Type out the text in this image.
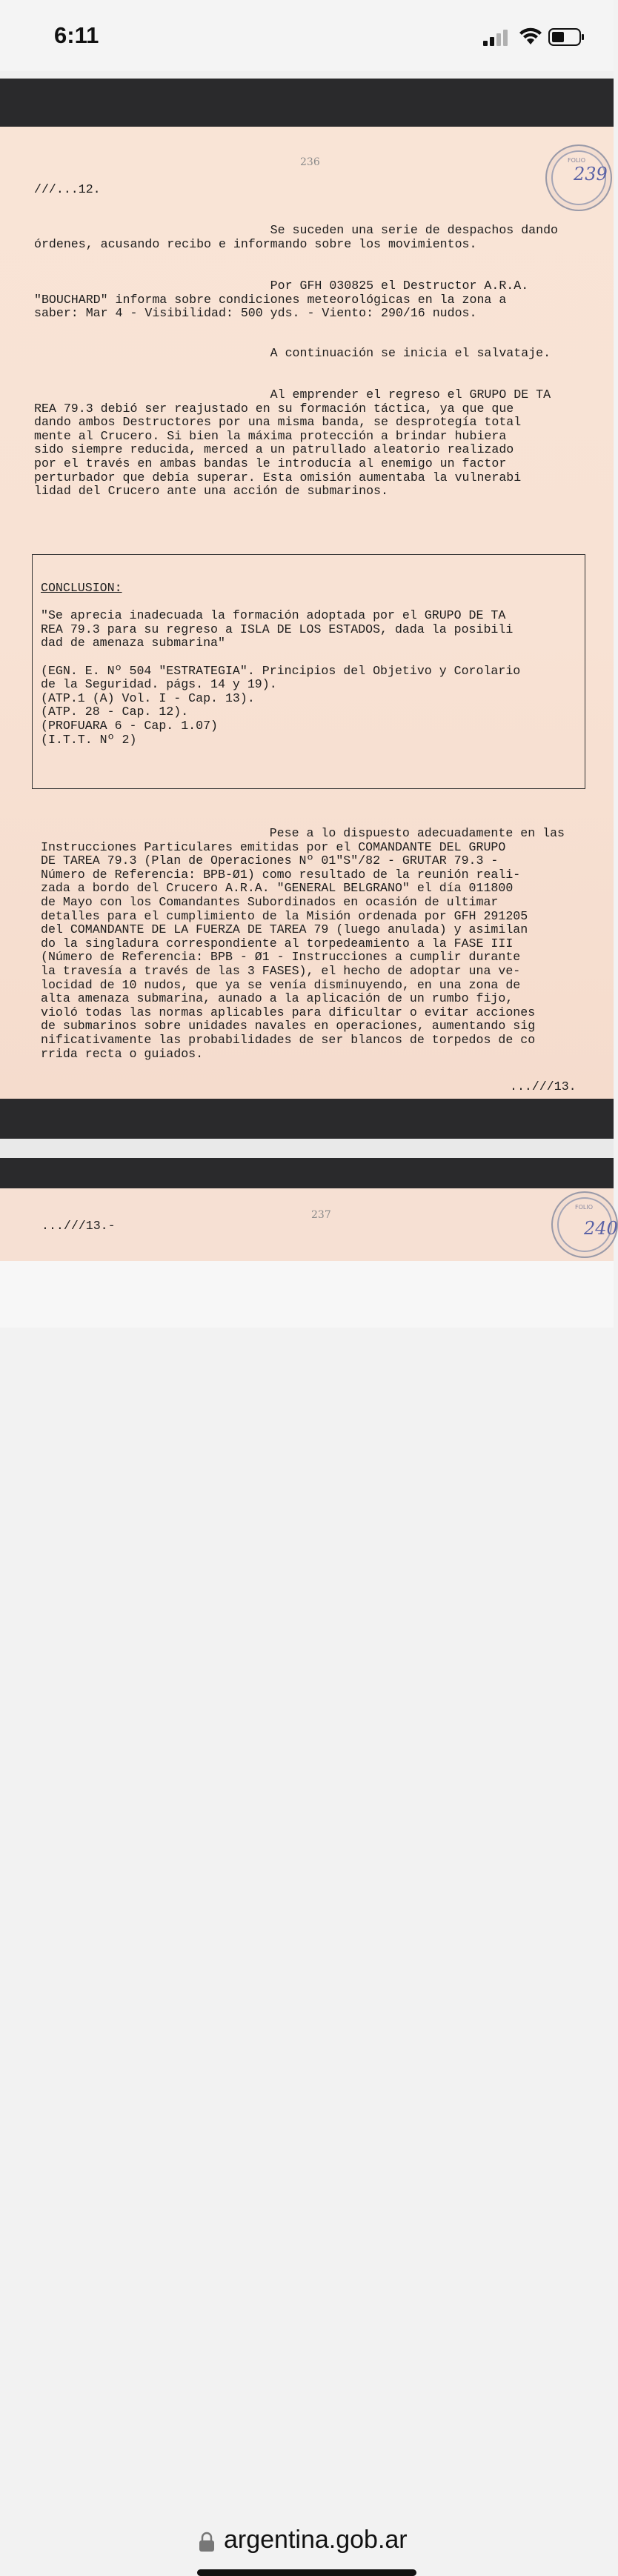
6:11
236	FOLIO
239
///...12.
Se suceden una serie de despachos dando
órdenes, acusando recibo e informando sobre los movimientos.
Por GFH 030825 el Destructor A.R.A.
"BOUCHARD" informa sobre condiciones meteorológicas en la zona a
saber: Mar 4 - Visibilidad: 500 yds. - Viento: 290/16 nudos.
A continuación se inicia el salvataje.
Al emprender el regreso el GRUPO DE TA
REA 79.3 debió ser reajustado en su formación táctica, ya que que
dando ambos Destructores por una misma banda, se desprotegía total
mente al Crucero. Si bien la máxima protección a brindar hubiera
sido siempre reducida, merced a un patrullado aleatorio realizado
por el través en ambas bandas le introducía al enemigo un factor
perturbador que debía superar. Esta omisión aumentaba la vulnerabi
lidad del Crucero ante una acción de submarinos.
CONCLUSION:

"Se aprecia inadecuada la formación adoptada por el GRUPO DE TA
REA 79.3 para su regreso a ISLA DE LOS ESTADOS, dada la posibili
dad de amenaza submarina"

(EGN. E. Nº 504 "ESTRATEGIA". Principios del Objetivo y Corolario
de la Seguridad. págs. 14 y 19).
(ATP.1 (A) Vol. I - Cap. 13).
(ATP. 28 - Cap. 12).
(PROFUARA 6 - Cap. 1.07)
(I.T.T. Nº 2)
Pese a lo dispuesto adecuadamente en las
Instrucciones Particulares emitidas por el COMANDANTE DEL GRUPO
DE TAREA 79.3 (Plan de Operaciones Nº 01"S"/82 - GRUTAR 79.3 -
Número de Referencia: BPB-Ø1) como resultado de la reunión reali-
zada a bordo del Crucero A.R.A. "GENERAL BELGRANO" el día 011800
de Mayo con los Comandantes Subordinados en ocasión de ultimar
detalles para el cumplimiento de la Misión ordenada por GFH 291205
del COMANDANTE DE LA FUERZA DE TAREA 79 (luego anulada) y asimilan
do la singladura correspondiente al torpedeamiento a la FASE III
(Número de Referencia: BPB - Ø1 - Instrucciones a cumplir durante
la travesía a través de las 3 FASES), el hecho de adoptar una ve-
locidad de 10 nudos, que ya se venía disminuyendo, en una zona de
alta amenaza submarina, aunado a la aplicación de un rumbo fijo,
violó todas las normas aplicables para dificultar o evitar acciones
de submarinos sobre unidades navales en operaciones, aumentando sig
nificativamente las probabilidades de ser blancos de torpedos de co
rrida recta o guiados.
...///13.
237
FOLIO
240
...///13.-
argentina.gob.ar
